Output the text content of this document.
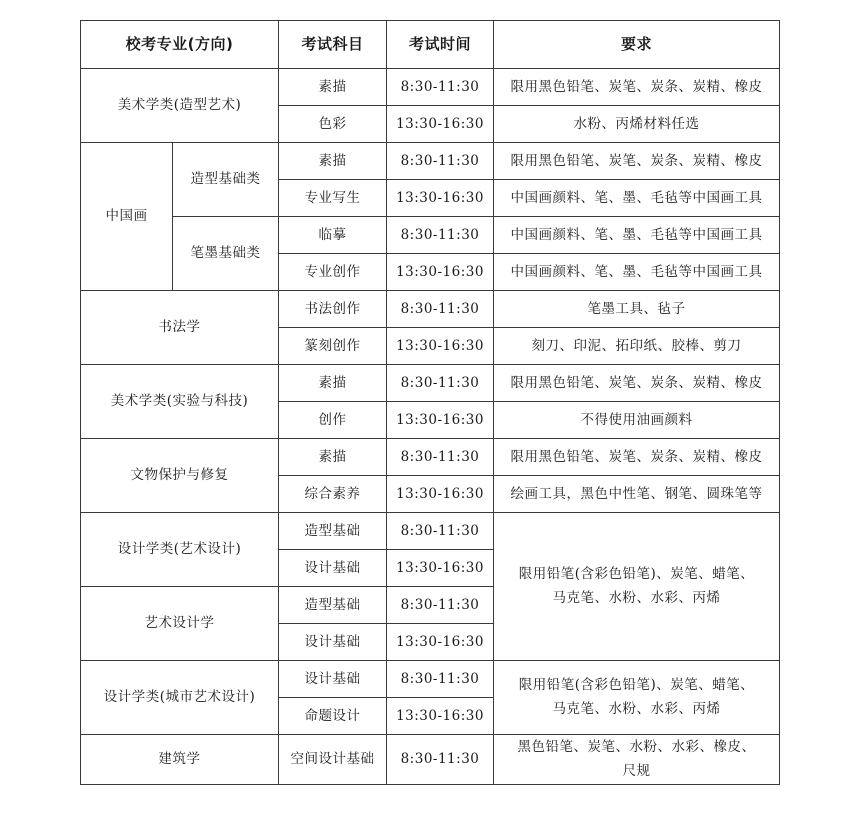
校考专业(方向)		考试科目	考试时间	要求
美术学类(造型艺术)		素描	8:30-11:30	限用黑色铅笔、炭笔、炭条、炭精、橡皮
		色彩	13:30-16:30	水粉、丙烯材料任选
中国画	造型基础类	素描	8:30-11:30	限用黑色铅笔、炭笔、炭条、炭精、橡皮
		专业写生	13:30-16:30	中国画颜料、笔、墨、毛毡等中国画工具
	笔墨基础类	临摹	8:30-11:30	中国画颜料、笔、墨、毛毡等中国画工具
		专业创作	13:30-16:30	中国画颜料、笔、墨、毛毡等中国画工具
书法学		书法创作	8:30-11:30	笔墨工具、毡子
		篆刻创作	13:30-16:30	刻刀、印泥、拓印纸、胶棒、剪刀
美术学类(实验与科技)		素描	8:30-11:30	限用黑色铅笔、炭笔、炭条、炭精、橡皮
		创作	13:30-16:30	不得使用油画颜料
文物保护与修复		素描	8:30-11:30	限用黑色铅笔、炭笔、炭条、炭精、橡皮
		综合素养	13:30-16:30	绘画工具，黑色中性笔、钢笔、圆珠笔等
设计学类(艺术设计)		造型基础	8:30-11:30	限用铅笔(含彩色铅笔)、炭笔、蜡笔、
马克笔、水粉、水彩、丙烯
		设计基础	13:30-16:30	
艺术设计学		造型基础	8:30-11:30	
		设计基础	13:30-16:30	
设计学类(城市艺术设计)		设计基础	8:30-11:30	限用铅笔(含彩色铅笔)、炭笔、蜡笔、
马克笔、水粉、水彩、丙烯
		命题设计	13:30-16:30	
建筑学		空间设计基础	8:30-11:30	黑色铅笔、炭笔、水粉、水彩、橡皮、
尺规
